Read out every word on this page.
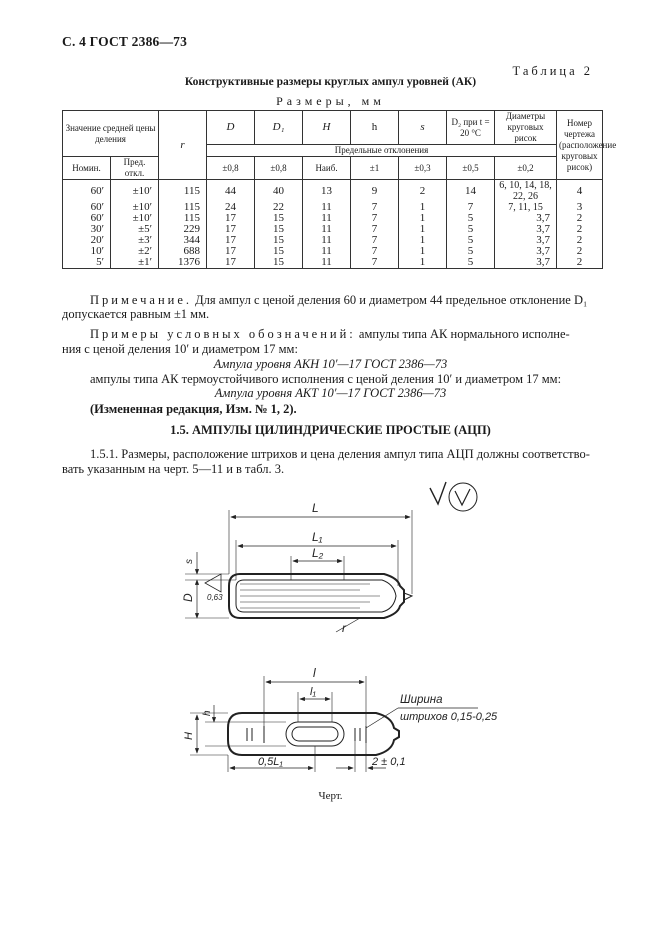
С. 4 ГОСТ 2386—73
Таблица 2
Конструктивные размеры круглых ампул уровней (АК)
Размеры, мм
Значение средней цены деления		r	D	D₁	H	h	s	D₂ при t = 20 °C	Диаметры круговых рисок	Номер чертежа (расположение круговых рисок)
			Предельные отклонения							
Номин.	Пред. откл.		±0,8	±0,8	Наиб.	±1	±0,3	±0,5	±0,2	
60′	±10′	115	44	40	13	9	2	14	6, 10, 14, 18, 22, 26	4
60′	±10′	115	24	22	11	7	1	7	7, 11, 15	3
60′	±10′	115	17	15	11	7	1	5	3,7	2
30′	±5′	229	17	15	11	7	1	5	3,7	2
20′	±3′	344	17	15	11	7	1	5	3,7	2
10′	±2′	688	17	15	11	7	1	5	3,7	2
5′	±1′	1376	17	15	11	7	1	5	3,7	2
Примечание. Для ампул с ценой деления 60 и диаметром 44 предельное отклонение D₁
допускается равным ±1 мм.
Примеры условных обозначений: ампулы типа АК нормального исполне-
ния с ценой деления 10′ и диаметром 17 мм:
Ампула уровня АКН 10′—17 ГОСТ 2386—73
ампулы типа АК термоустойчивого исполнения с ценой деления 10′ и диаметром 17 мм:
Ампула уровня АКТ 10′—17 ГОСТ 2386—73
(Измененная редакция, Изм. № 1, 2).
1.5. АМПУЛЫ ЦИЛИНДРИЧЕСКИЕ ПРОСТЫЕ (АЦП)
1.5.1. Размеры, расположение штрихов и цена деления ампул типа АЦП должны соответство-
вать указанным на черт. 5—11 и в табл. 3.
L
L₁
L₂
s
D 0,63
r
l
l₁
H
h
Ширина
штрихов 0,15-0,25
0,5L₁	2 ± 0,1
Черт.
